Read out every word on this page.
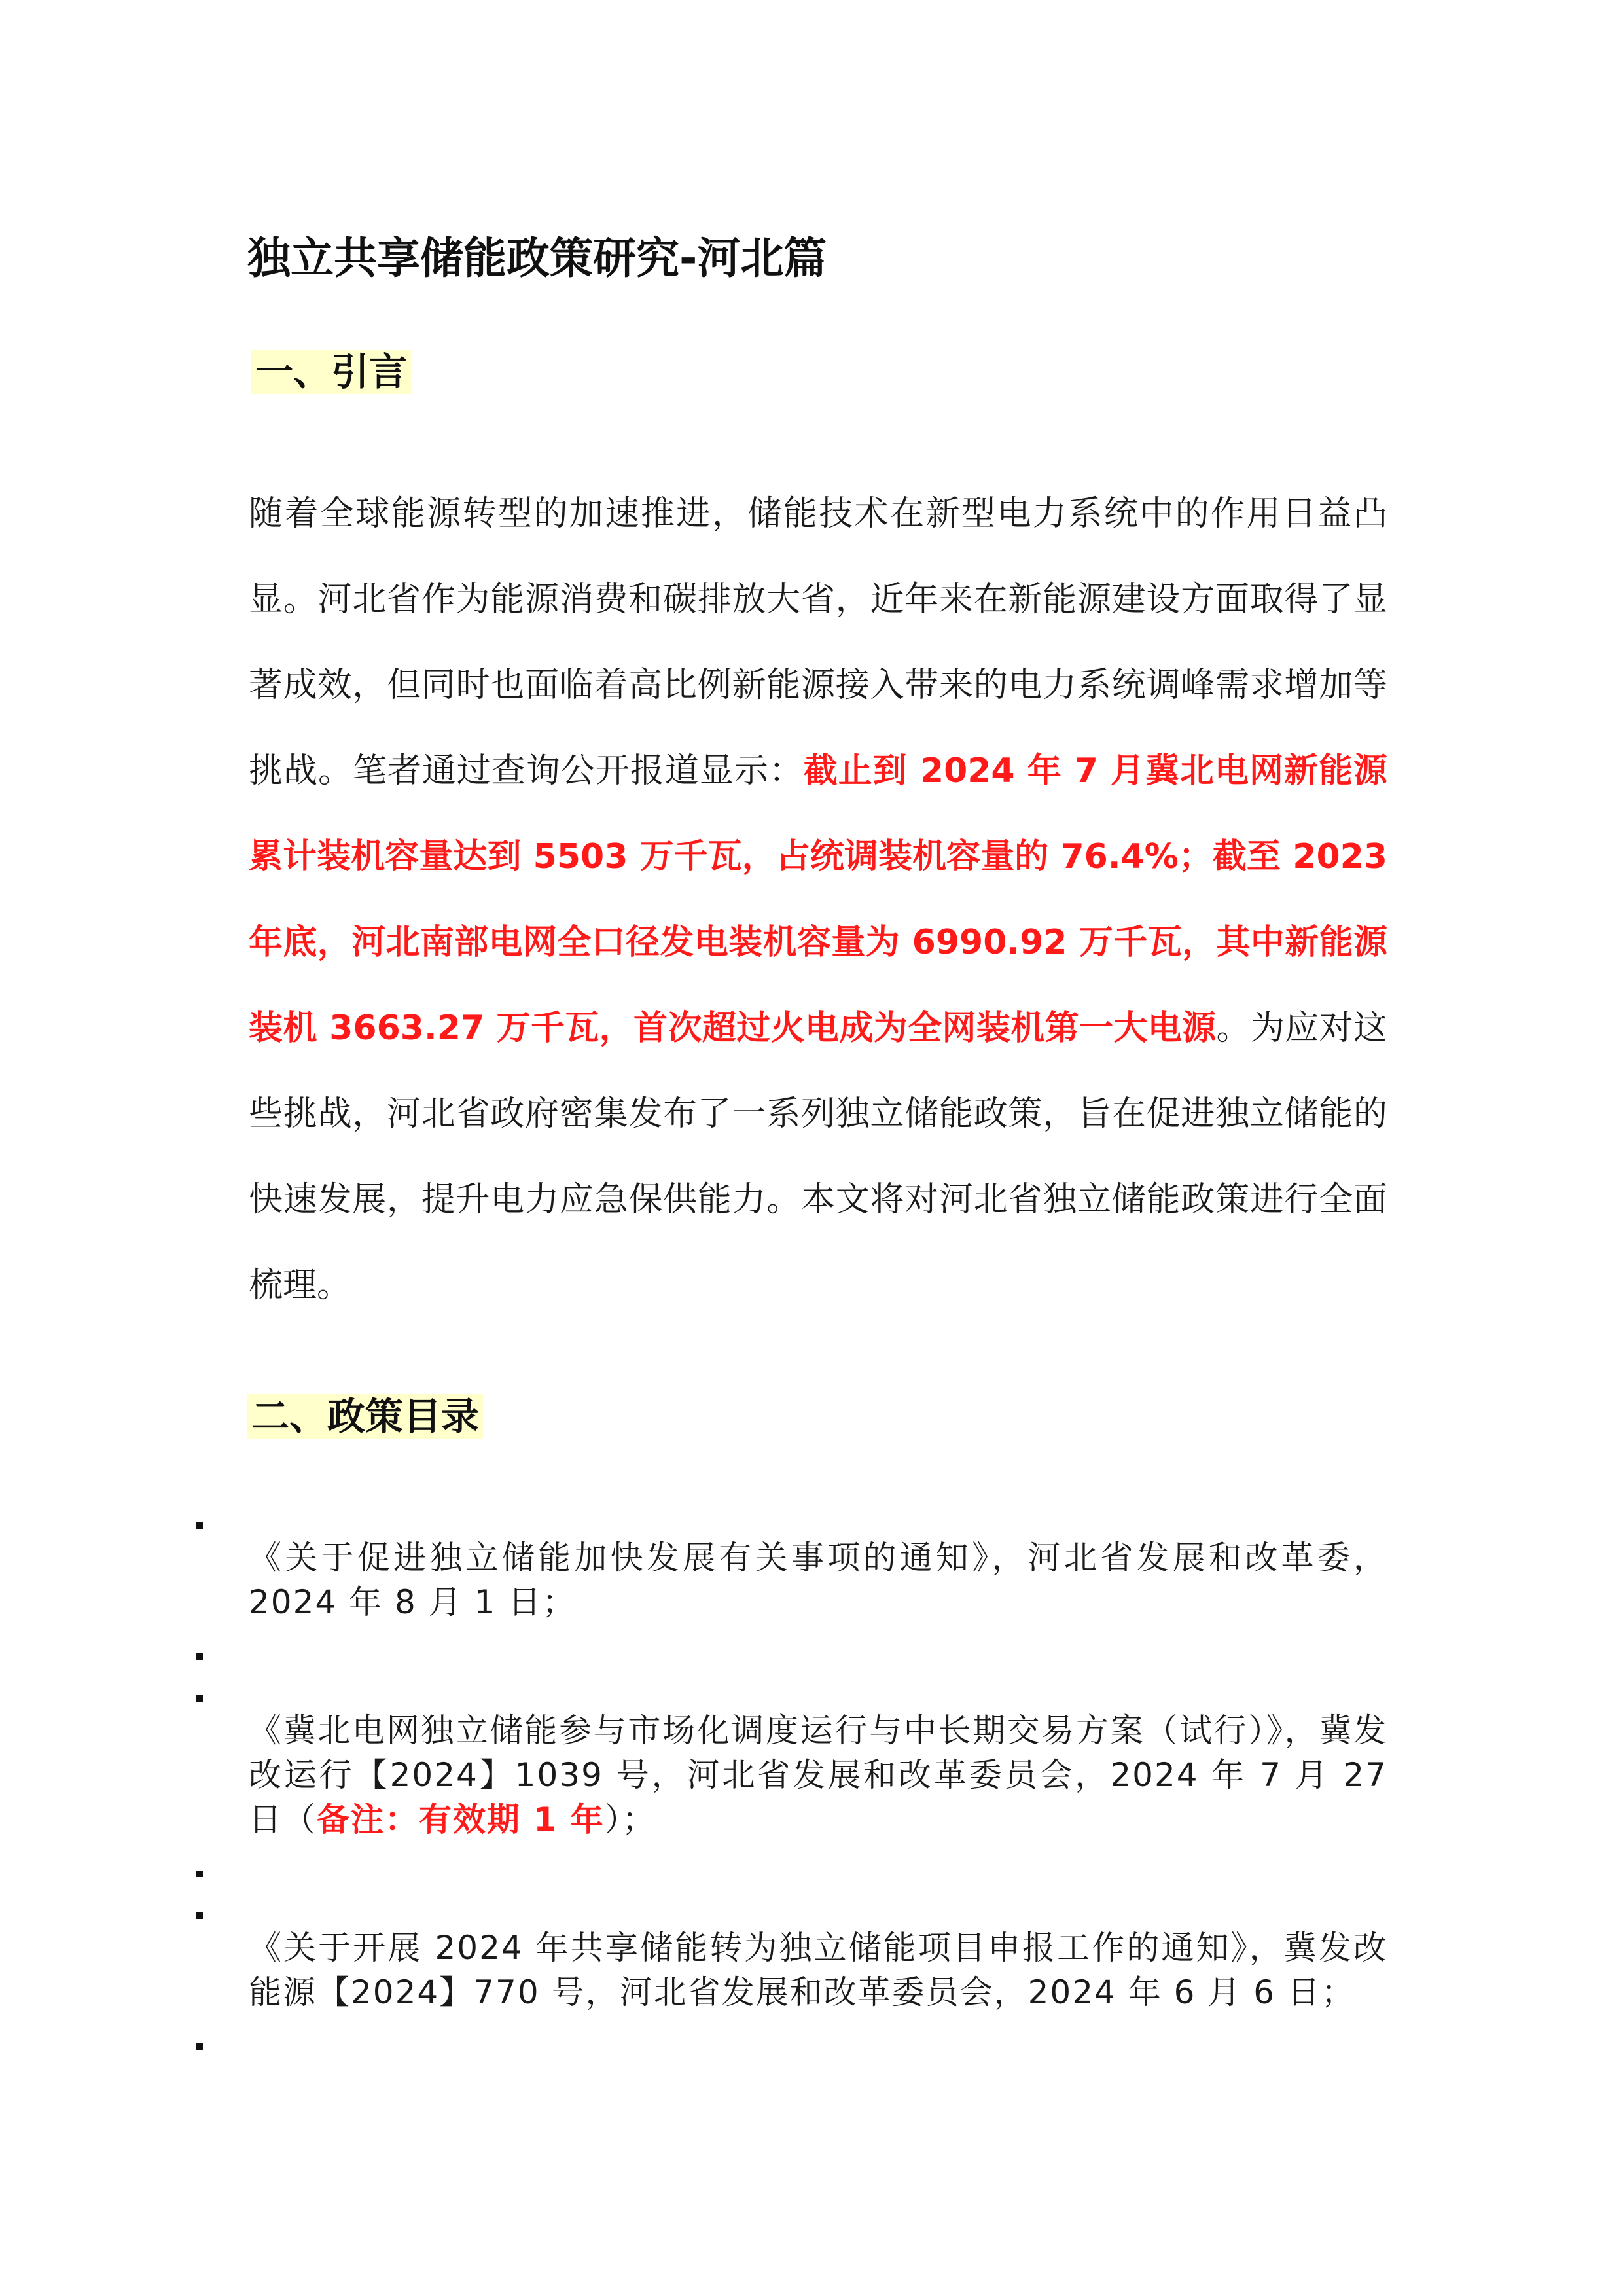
独立共享储能政策研究-河北篇
一、引言

随着全球能源转型的加速推进，储能技术在新型电力系统中的作用日益凸显。河北省作为能源消费和碳排放大省，近年来在新能源建设方面取得了显著成效，但同时也面临着高比例新能源接入带来的电力系统调峰需求增加等挑战。笔者通过查询公开报道显示：截止到 2024 年 7 月冀北电网新能源累计装机容量达到 5503 万千瓦，占统调装机容量的 76.4%；截至 2023 年底，河北南部电网全口径发电装机容量为 6990.92 万千瓦，其中新能源装机 3663.27 万千瓦，首次超过火电成为全网装机第一大电源。为应对这些挑战，河北省政府密集发布了一系列独立储能政策，旨在促进独立储能的快速发展，提升电力应急保供能力。本文将对河北省独立储能政策进行全面梳理。

二、政策目录

《关于促进独立储能加快发展有关事项的通知》，河北省发展和改革委，2024 年 8 月 1 日；

《冀北电网独立储能参与市场化调度运行与中长期交易方案（试行）》，冀发改运行【2024】1039 号，河北省发展和改革委员会，2024 年 7 月 27 日（备注：有效期 1 年）；

《关于开展 2024 年共享储能转为独立储能项目申报工作的通知》，冀发改能源【2024】770 号，河北省发展和改革委员会，2024 年 6 月 6 日；
